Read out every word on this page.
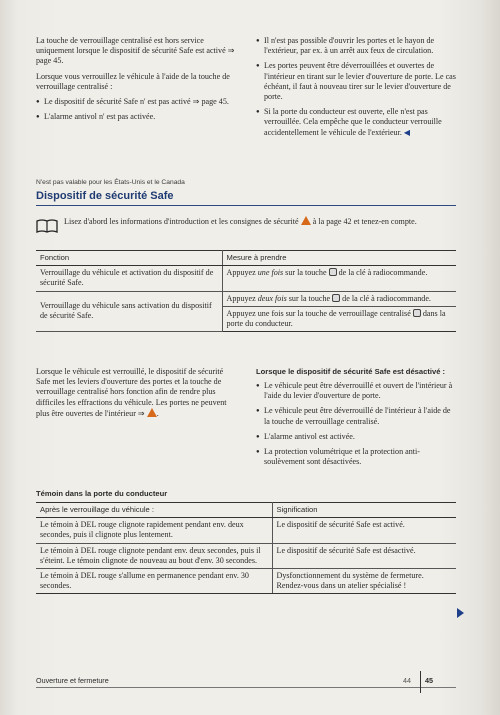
La touche de verrouillage centralisé est hors service uniquement lorsque le dispositif de sécurité Safe est activé ⇒ page 45.

Lorsque vous verrouillez le véhicule à l'aide de la touche de verrouillage centralisé :

● Le dispositif de sécurité Safe n' est pas activé ⇒ page 45.
● L'alarme antivol n' est pas activée.
● Il n'est pas possible d'ouvrir les portes et le hayon de l'extérieur, par ex. à un arrêt aux feux de circulation.
● Les portes peuvent être déverrouillées et ouvertes de l'intérieur en tirant sur le levier d'ouverture de porte. Le cas échéant, il faut à nouveau tirer sur le levier d'ouverture de porte.
● Si la porte du conducteur est ouverte, elle n'est pas verrouillée. Cela empêche que le conducteur verrouille accidentellement le véhicule de l'extérieur. ◀
N'est pas valable pour les États-Unis et le Canada
Dispositif de sécurité Safe
Lisez d'abord les informations d'introduction et les consignes de sécurité  à la page 42 et tenez-en compte.
Fonction	Mesure à prendre
Verrouillage du véhicule et activation du dispositif de sécurité Safe.	Appuyez une fois sur la touche  de la clé à radiocommande.
Verrouillage du véhicule sans activation du dispositif de sécurité Safe.	Appuyez deux fois sur la touche  de la clé à radiocommande.
	Appuyez une fois sur la touche de verrouillage centralisé  dans la porte du conducteur.

Lorsque le véhicule est verrouillé, le dispositif de sécurité Safe met les leviers d'ouverture des portes et la touche de verrouillage centralisé hors fonction afin de rendre plus difficiles les effractions du véhicule. Les portes ne peuvent plus être ouvertes de l'intérieur ⇒ .

Lorsque le dispositif de sécurité Safe est désactivé :
● Le véhicule peut être déverrouillé et ouvert de l'intérieur à l'aide du levier d'ouverture de porte.
● Le véhicule peut être déverrouillé de l'intérieur à l'aide de la touche de verrouillage centralisé.
● L'alarme antivol est activée.
● La protection volumétrique et la protection anti-soulèvement sont désactivées.
Témoin dans la porte du conducteur
Après le verrouillage du véhicule :	Signification
Le témoin à DEL rouge clignote rapidement pendant env. deux secondes, puis il clignote plus lentement.	Le dispositif de sécurité Safe est activé.
Le témoin à DEL rouge clignote pendant env. deux secondes, puis il s'éteint. Le témoin clignote de nouveau au bout d'env. 30 secondes.	Le dispositif de sécurité Safe est désactivé.
Le témoin à DEL rouge s'allume en permanence pendant env. 30 secondes.	Dysfonctionnement du système de fermeture. Rendez-vous dans un atelier spécialisé !
Ouverture et fermeture	44 45
